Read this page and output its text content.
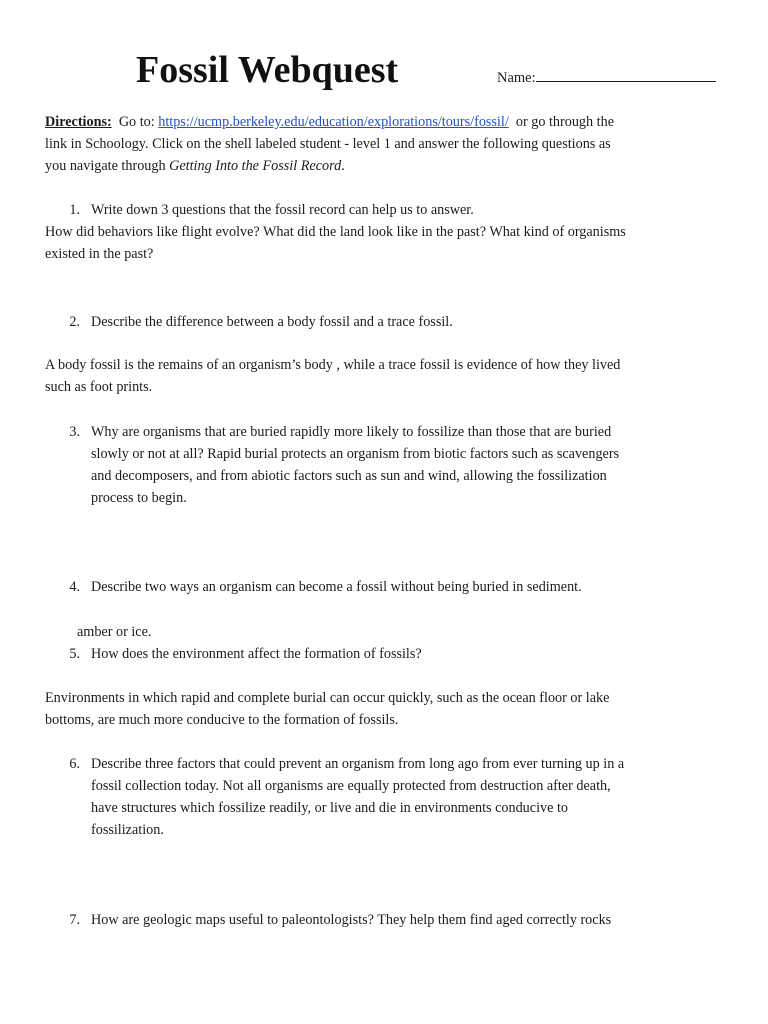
Fossil Webquest	Name:
Directions: Go to: https://ucmp.berkeley.edu/education/explorations/tours/fossil/ or go through the
link in Schoology. Click on the shell labeled student - level 1 and answer the following questions as
you navigate through Getting Into the Fossil Record.
1. Write down 3 questions that the fossil record can help us to answer.
How did behaviors like flight evolve? What did the land look like in the past? What kind of organisms
existed in the past?
2. Describe the difference between a body fossil and a trace fossil.
A body fossil is the remains of an organism’s body , while a trace fossil is evidence of how they lived
such as foot prints.
3. Why are organisms that are buried rapidly more likely to fossilize than those that are buried
slowly or not at all? Rapid burial protects an organism from biotic factors such as scavengers
and decomposers, and from abiotic factors such as sun and wind, allowing the fossilization
process to begin.
4. Describe two ways an organism can become a fossil without being buried in sediment.
amber or ice.
5. How does the environment affect the formation of fossils?
Environments in which rapid and complete burial can occur quickly, such as the ocean floor or lake
bottoms, are much more conducive to the formation of fossils.
6. Describe three factors that could prevent an organism from long ago from ever turning up in a
fossil collection today. Not all organisms are equally protected from destruction after death,
have structures which fossilize readily, or live and die in environments conducive to
fossilization.
7. How are geologic maps useful to paleontologists? They help them find aged correctly rocks
